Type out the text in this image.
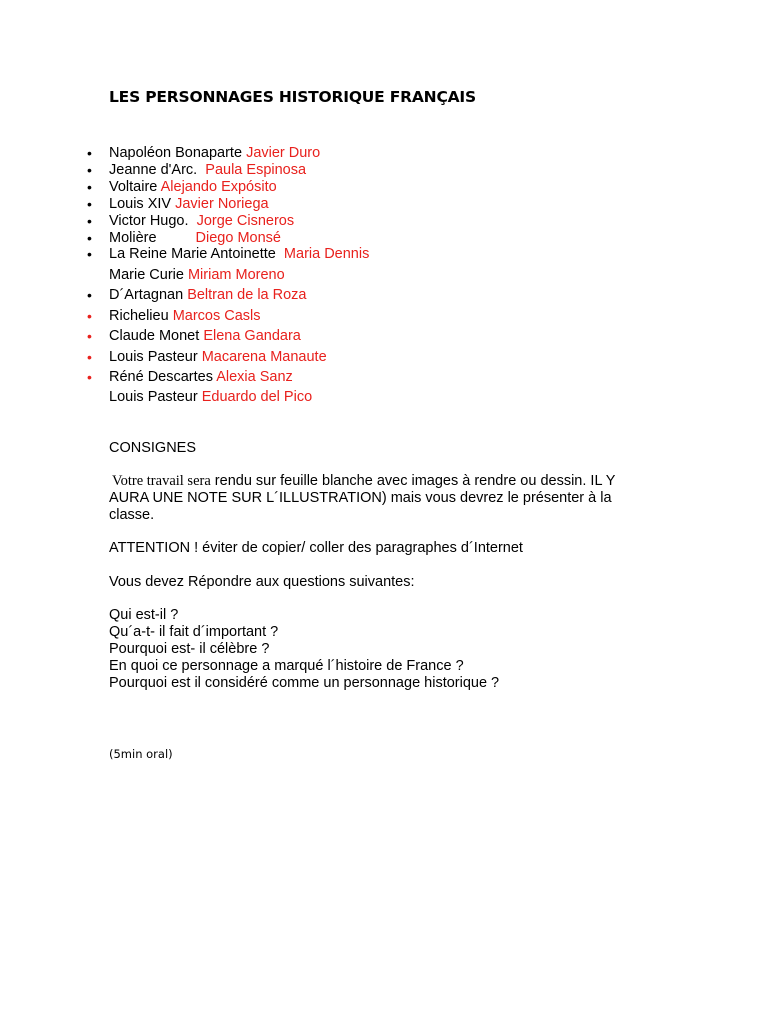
LES PERSONNAGES HISTORIQUE FRANÇAIS
• Napoléon Bonaparte Javier Duro
• Jeanne d'Arc. Paula Espinosa
• Voltaire Alejando Expósito
• Louis XIV Javier Noriega
• Victor Hugo. Jorge Cisneros
• Molière	Diego Monsé
• La Reine Marie Antoinette Maria Dennis
Marie Curie Miriam Moreno
• D´Artagnan Beltran de la Roza
• Richelieu Marcos Casls
• Claude Monet Elena Gandara
• Louis Pasteur Macarena Manaute
• Réné Descartes Alexia Sanz
Louis Pasteur Eduardo del Pico
CONSIGNES
Votre travail sera rendu sur feuille blanche avec images à rendre ou dessin. IL Y
AURA UNE NOTE SUR L´ILLUSTRATION) mais vous devrez le présenter à la
classe.
ATTENTION ! éviter de copier/ coller des paragraphes d´Internet
Vous devez Répondre aux questions suivantes:
Qui est-il ?
Qu´a-t- il fait d´important ?
Pourquoi est- il célèbre ?
En quoi ce personnage a marqué l´histoire de France ?
Pourquoi est il considéré comme un personnage historique ?
(5min oral)
